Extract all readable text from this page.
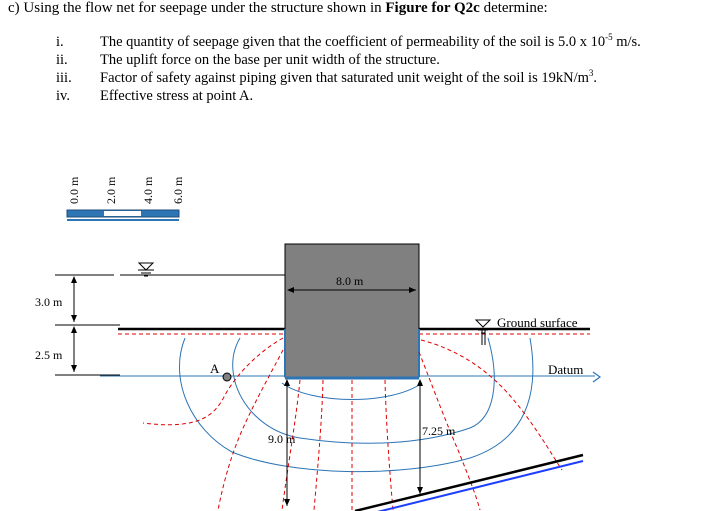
c) Using the flow net for seepage under the structure shown in Figure for Q2c determine:
i.	The quantity of seepage given that the coefficient of permeability of the soil is 5.0 x $10^{-5}$ m/s.
ii.	The uplift force on the base per unit width of the structure.
iii.	Factor of safety against piping given that saturated unit weight of the soil is $19kN/m^3$.
iv.	Effective stress at point A.
0.0 m 2.0 m 4.0 m 6.0 m
3.0 m
2.5 m
Datum
8.0 m
Ground surface
A
9.0 m
7.25 m
